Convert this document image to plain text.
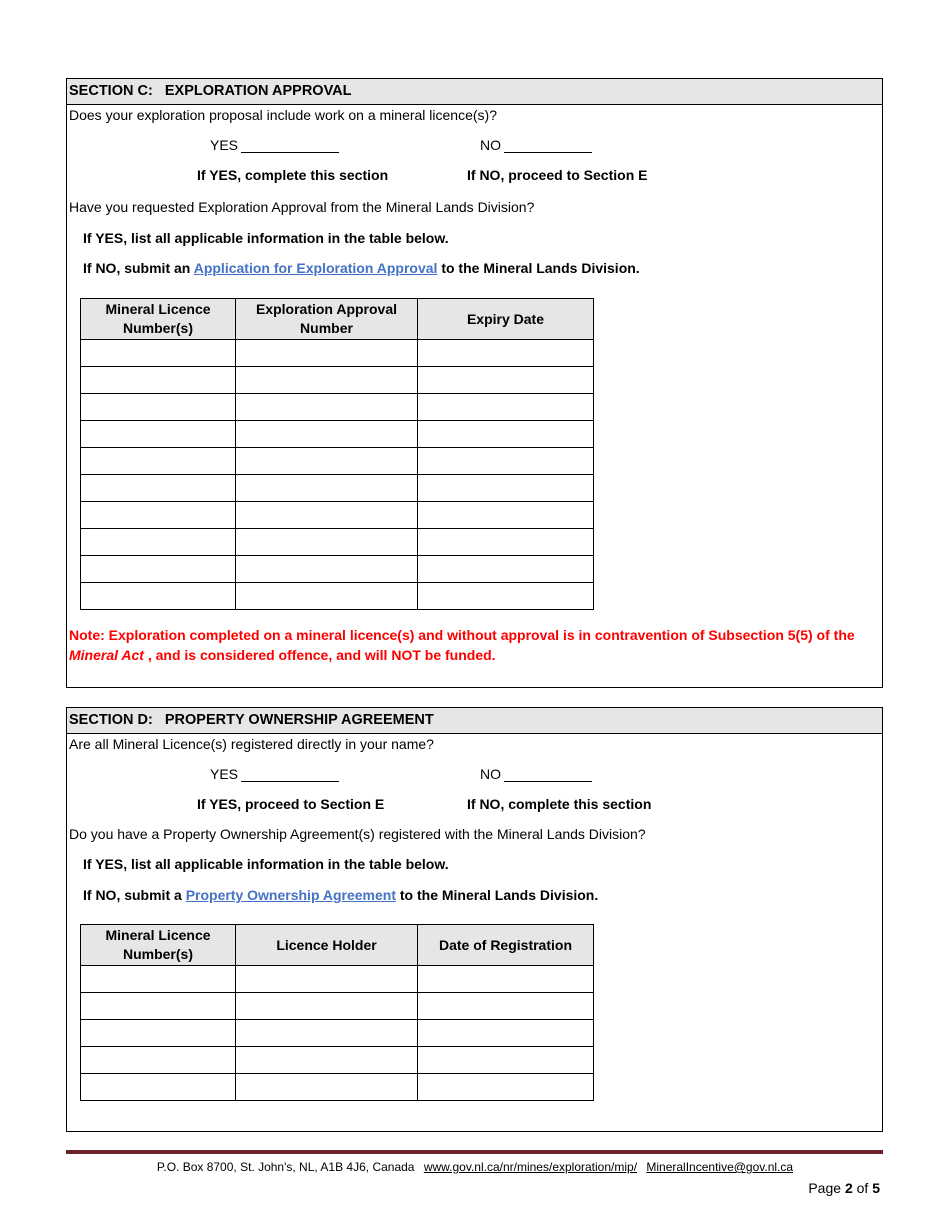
SECTION C:   EXPLORATION APPROVAL
Does your exploration proposal include work on a mineral licence(s)?
YES	NO
If YES, complete this section	If NO, proceed to Section E
Have you requested Exploration Approval from the Mineral Lands Division?
If YES, list all applicable information in the table below.
If NO, submit an Application for Exploration Approval to the Mineral Lands Division.
Mineral Licence Number(s)	Exploration Approval Number	Expiry Date

Note: Exploration completed on a mineral licence(s) and without approval is in contravention of Subsection 5(5) of the Mineral Act , and is considered offence, and will NOT be funded.
SECTION D:   PROPERTY OWNERSHIP AGREEMENT
Are all Mineral Licence(s) registered directly in your name?
YES	NO
If YES, proceed to Section E	If NO, complete this section
Do you have a Property Ownership Agreement(s) registered with the Mineral Lands Division?
If YES, list all applicable information in the table below.
If NO, submit a Property Ownership Agreement to the Mineral Lands Division.
Mineral Licence Number(s)	Licence Holder	Date of Registration

P.O. Box 8700, St. John's, NL, A1B 4J6, Canada www.gov.nl.ca/nr/mines/exploration/mip/ MineralIncentive@gov.nl.ca
Page 2 of 5
